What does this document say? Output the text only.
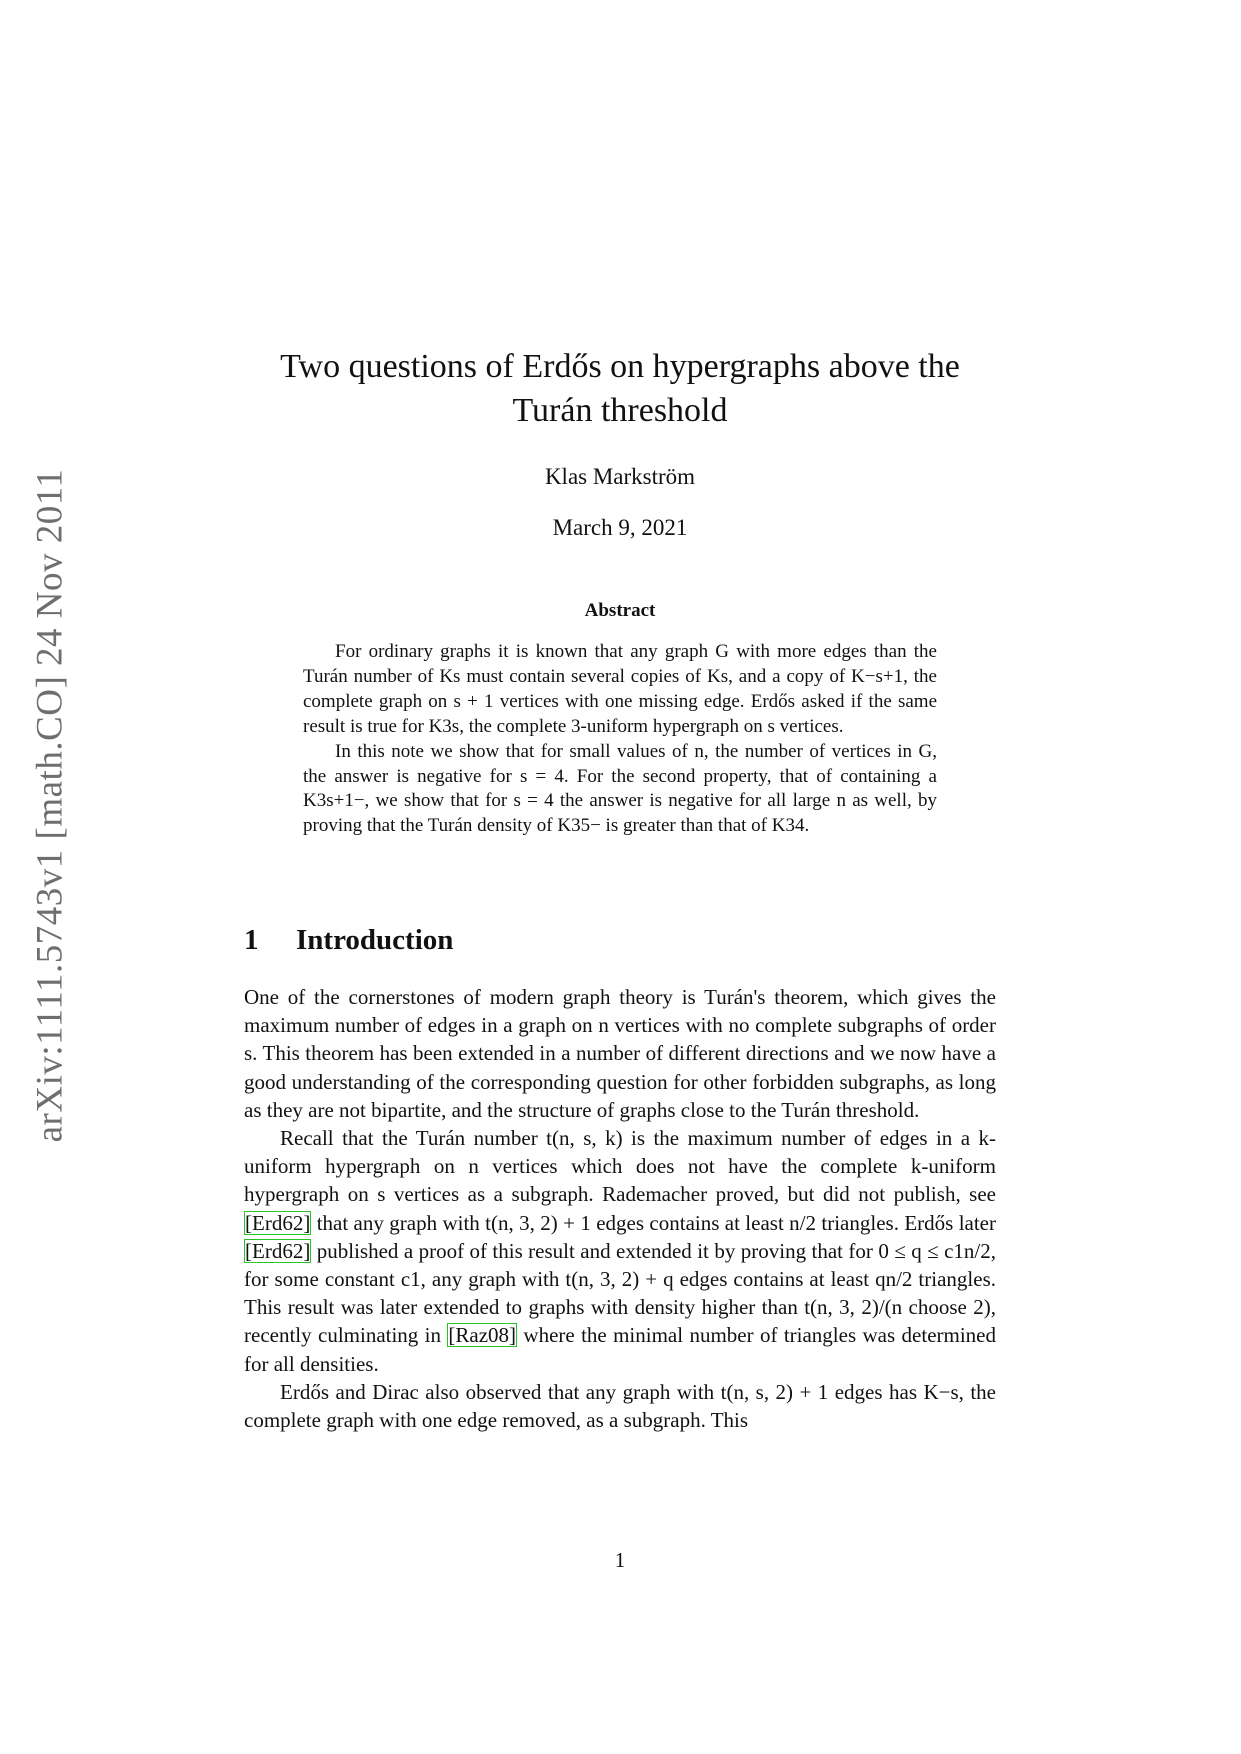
arXiv:1111.5743v1 [math.CO] 24 Nov 2011
Two questions of Erdős on hypergraphs above the
Turán threshold
Klas Markström
March 9, 2021
Abstract

For ordinary graphs it is known that any graph G with more edges than the Turán number of Ks must contain several copies of Ks, and a copy of K−s+1, the complete graph on s + 1 vertices with one missing edge. Erdős asked if the same result is true for K3s, the complete 3-uniform hypergraph on s vertices.

In this note we show that for small values of n, the number of vertices in G, the answer is negative for s = 4. For the second property, that of containing a K3s+1−, we show that for s = 4 the answer is negative for all large n as well, by proving that the Turán density of K35− is greater than that of K34.

1 Introduction

One of the cornerstones of modern graph theory is Turán's theorem, which gives the maximum number of edges in a graph on n vertices with no complete subgraphs of order s. This theorem has been extended in a number of different directions and we now have a good understanding of the corresponding question for other forbidden subgraphs, as long as they are not bipartite, and the structure of graphs close to the Turán threshold.

Recall that the Turán number t(n, s, k) is the maximum number of edges in a k-uniform hypergraph on n vertices which does not have the complete k-uniform hypergraph on s vertices as a subgraph. Rademacher proved, but did not publish, see [Erd62] that any graph with t(n, 3, 2) + 1 edges contains at least n/2 triangles. Erdős later [Erd62] published a proof of this result and extended it by proving that for 0 ≤ q ≤ c1n/2, for some constant c1, any graph with t(n, 3, 2) + q edges contains at least qn/2 triangles. This result was later extended to graphs with density higher than t(n, 3, 2)/(n choose 2), recently culminating in [Raz08] where the minimal number of triangles was determined for all densities.

Erdős and Dirac also observed that any graph with t(n, s, 2) + 1 edges has K−s, the complete graph with one edge removed, as a subgraph. This

1
